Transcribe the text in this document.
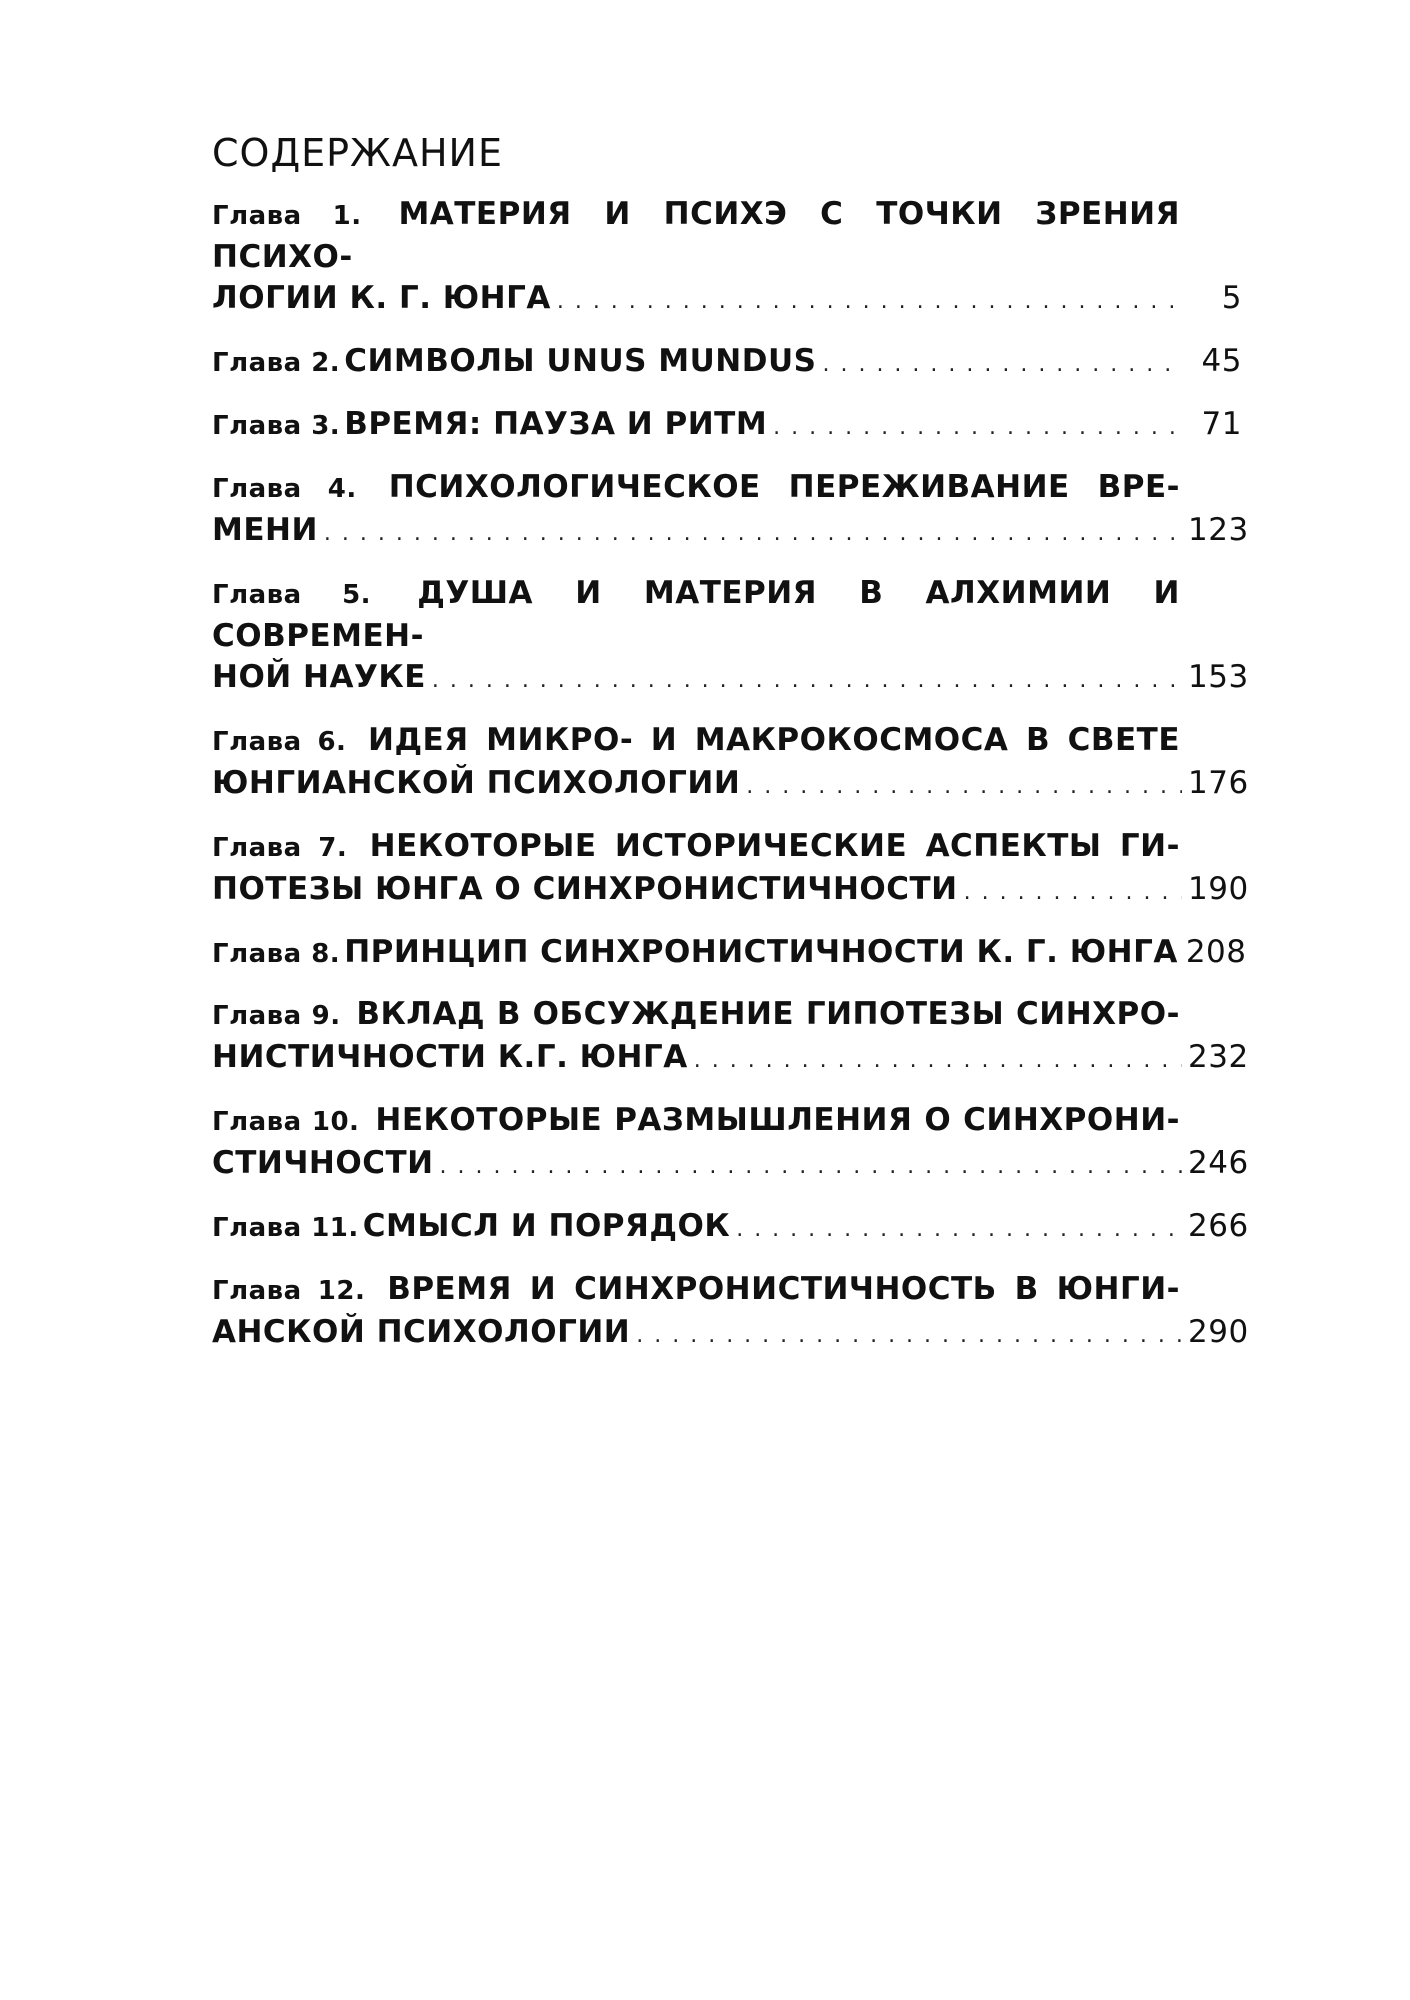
СОДЕРЖАНИЕ
Глава 1. МАТЕРИЯ И ПСИХЭ С ТОЧКИ ЗРЕНИЯ ПСИХО-
ЛОГИИ К. Г. ЮНГА . . .	5
Глава 2. СИМВОЛЫ UNUS MUNDUS . . .	45
Глава 3. ВРЕМЯ: ПАУЗА И РИТМ . . .	71
Глава 4. ПСИХОЛОГИЧЕСКОЕ ПЕРЕЖИВАНИЕ ВРЕ-
МЕНИ . . .	123
Глава 5. ДУША И МАТЕРИЯ В АЛХИМИИ И СОВРЕМЕН-
НОЙ НАУКЕ . . .	153
Глава 6. ИДЕЯ МИКРО- И МАКРОКОСМОСА В СВЕТЕ
ЮНГИАНСКОЙ ПСИХОЛОГИИ . . .	176
Глава 7. НЕКОТОРЫЕ ИСТОРИЧЕСКИЕ АСПЕКТЫ ГИ-
ПОТЕЗЫ ЮНГА О СИНХРОНИСТИЧНОСТИ . . .	190
Глава 8. ПРИНЦИП СИНХРОНИСТИЧНОСТИ К. Г. ЮНГА 208
Глава 9. ВКЛАД В ОБСУЖДЕНИЕ ГИПОТЕЗЫ СИНХРО-
НИСТИЧНОСТИ К.Г. ЮНГА . . .	232
Глава 10. НЕКОТОРЫЕ РАЗМЫШЛЕНИЯ О СИНХРОНИ-
СТИЧНОСТИ . . .	246
Глава 11. СМЫСЛ И ПОРЯДОК . . .	266
Глава 12. ВРЕМЯ И СИНХРОНИСТИЧНОСТЬ В ЮНГИ-
АНСКОЙ ПСИХОЛОГИИ . . .	290
